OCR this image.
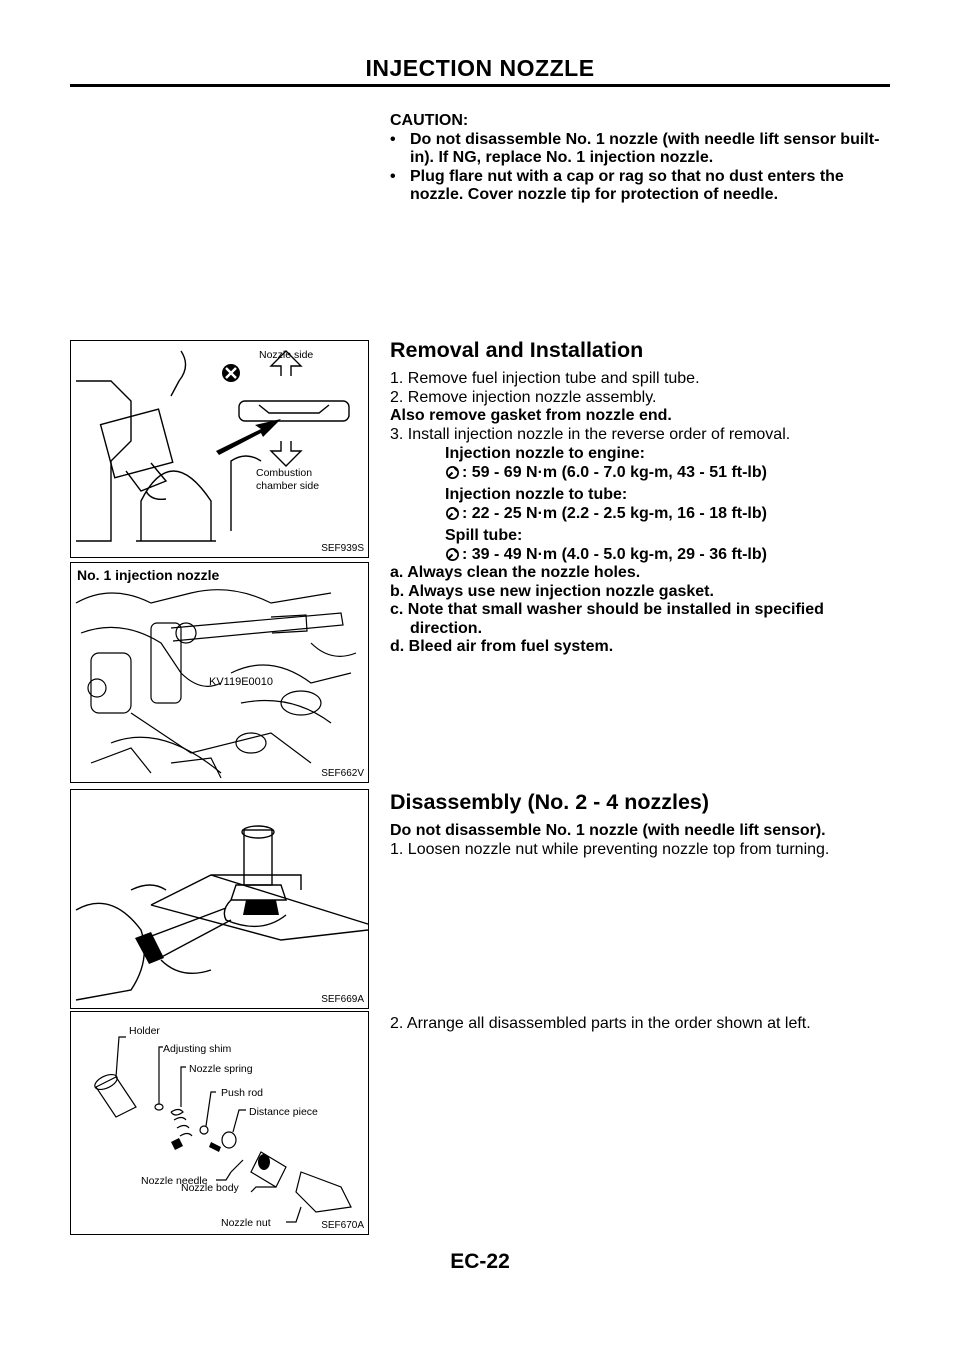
INJECTION NOZZLE
CAUTION:
• Do not disassemble No. 1 nozzle (with needle lift sensor built-in). If NG, replace No. 1 injection nozzle.
• Plug flare nut with a cap or rag so that no dust enters the nozzle. Cover nozzle tip for protection of needle.
Removal and Installation
1. Remove fuel injection tube and spill tube.
2. Remove injection nozzle assembly.
Also remove gasket from nozzle end.
3. Install injection nozzle in the reverse order of removal.
Injection nozzle to engine:
: 59 - 69 N·m (6.0 - 7.0 kg-m, 43 - 51 ft-lb)
Injection nozzle to tube:
: 22 - 25 N·m (2.2 - 2.5 kg-m, 16 - 18 ft-lb)
Spill tube:
: 39 - 49 N·m (4.0 - 5.0 kg-m, 29 - 36 ft-lb)
a. Always clean the nozzle holes.
b. Always use new injection nozzle gasket.
c. Note that small washer should be installed in specified
direction.
d. Bleed air from fuel system.
Disassembly (No. 2 - 4 nozzles)
Do not disassemble No. 1 nozzle (with needle lift sensor).
1. Loosen nozzle nut while preventing nozzle top from turning.
2. Arrange all disassembled parts in the order shown at left.
Nozzle side
Combustion
chamber side
SEF939S
KV119E0010
No. 1 injection nozzle
SEF662V
SEF669A
Holder
Adjusting shim
Nozzle spring
Push rod
Distance piece
Nozzle needle
Nozzle body
Nozzle nut	SEF670A
EC-22
